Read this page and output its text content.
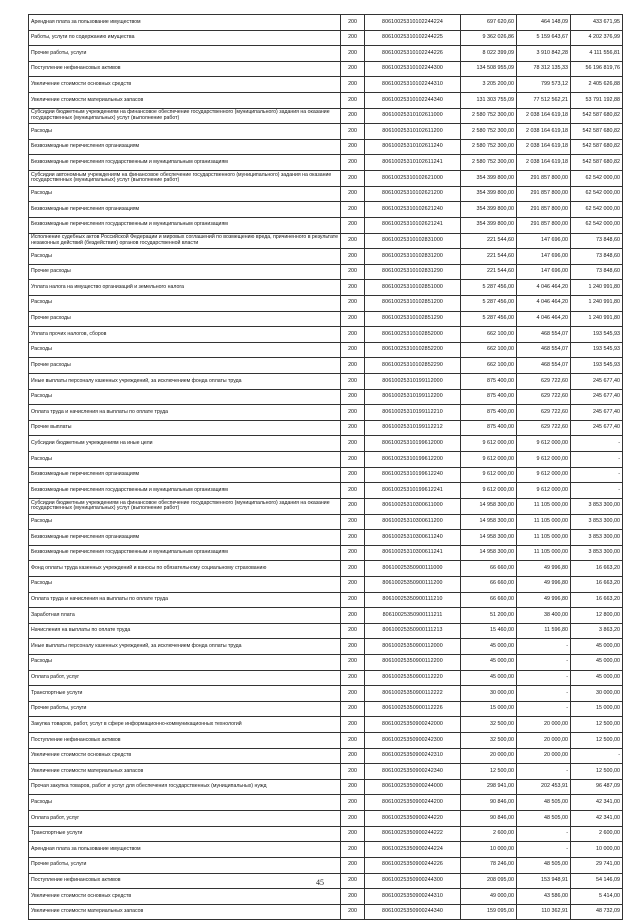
Арендная плата за пользование имуществом	200	80610025310102244224	697 620,60	464 148,09	433 671,95
Работы, услуги по содержанию имущества	200	80610025310102244225	9 362 026,86	5 159 643,67	4 202 376,99
Прочие работы, услуги	200	80610025310102244226	8 022 399,09	3 910 842,28	4 111 556,81
Поступление нефинансовых активов	200	80610025310102244300	134 508 955,09	78 312 135,33	56 196 819,76
Увеличение стоимости основных средств	200	80610025310102244310	3 205 200,00	799 573,12	2 405 626,88
Увеличение стоимости материальных запасов	200	80610025310102244340	131 303 755,09	77 512 562,21	53 791 192,88
Субсидии бюджетным учреждениям на финансовое обеспечение государственного (муниципального) задания на оказание государственных (муниципальных) услуг (выполнение работ)	200	80610025310102611000	2 580 752 300,00	2 038 164 619,18	542 587 680,82
Расходы	200	80610025310102611200	2 580 752 300,00	2 038 164 619,18	542 587 680,82
Безвозмездные перечисления организациям	200	80610025310102611240	2 580 752 300,00	2 038 164 619,18	542 587 680,82
Безвозмездные перечисления государственным и муниципальным организациям	200	80610025310102611241	2 580 752 300,00	2 038 164 619,18	542 587 680,82
Субсидии автономным учреждениям на финансовое обеспечение государственного (муниципального) задания на оказание государственных (муниципальных) услуг (выполнение работ)	200	80610025310102621000	354 399 800,00	291 857 800,00	62 542 000,00
Расходы	200	80610025310102621200	354 399 800,00	291 857 800,00	62 542 000,00
Безвозмездные перечисления организациям	200	80610025310102621240	354 399 800,00	291 857 800,00	62 542 000,00
Безвозмездные перечисления государственным и муниципальным организациям	200	80610025310102621241	354 399 800,00	291 857 800,00	62 542 000,00
Исполнение судебных актов Российской Федерации и мировых соглашений по возмещению вреда, причиненного в результате незаконных действий (бездействия) органов государственной власти	200	80610025310102831000	221 544,60	147 696,00	73 848,60
Расходы	200	80610025310102831200	221 544,60	147 696,00	73 848,60
Прочие расходы	200	80610025310102831290	221 544,60	147 696,00	73 848,60
Уплата налога на имущество организаций и земельного налога	200	80610025310102851000	5 287 456,00	4 046 464,20	1 240 991,80
Расходы	200	80610025310102851200	5 287 456,00	4 046 464,20	1 240 991,80
Прочие расходы	200	80610025310102851290	5 287 456,00	4 046 464,20	1 240 991,80
Уплата прочих налогов, сборов	200	80610025310102852000	662 100,00	468 554,07	193 545,93
Расходы	200	80610025310102852200	662 100,00	468 554,07	193 545,93
Прочие расходы	200	80610025310102852290	662 100,00	468 554,07	193 545,93
Иные выплаты персоналу казенных учреждений, за исключением фонда оплаты труда	200	80610025310199112000	875 400,00	629 722,60	245 677,40
Расходы	200	80610025310199112200	875 400,00	629 722,60	245 677,40
Оплата труда и начисления на выплаты по оплате труда	200	80610025310199112210	875 400,00	629 722,60	245 677,40
Прочие выплаты	200	80610025310199112212	875 400,00	629 722,60	245 677,40
Субсидии бюджетным учреждениям на иные цели	200	80610025310199612000	9 612 000,00	9 612 000,00	-
Расходы	200	80610025310199612200	9 612 000,00	9 612 000,00	-
Безвозмездные перечисления организациям	200	80610025310199612240	9 612 000,00	9 612 000,00	-
Безвозмездные перечисления государственным и муниципальным организациям	200	80610025310199612241	9 612 000,00	9 612 000,00	-
Субсидии бюджетным учреждениям на финансовое обеспечение государственного (муниципального) задания на оказание государственных (муниципальных) услуг (выполнение работ)	200	80610025310300611000	14 958 300,00	11 105 000,00	3 853 300,00
Расходы	200	80610025310300611200	14 958 300,00	11 105 000,00	3 853 300,00
Безвозмездные перечисления организациям	200	80610025310300611240	14 958 300,00	11 105 000,00	3 853 300,00
Безвозмездные перечисления государственным и муниципальным организациям	200	80610025310300611241	14 958 300,00	11 105 000,00	3 853 300,00
Фонд оплаты труда казенных учреждений и взносы по обязательному социальному страхованию	200	80610025350900111000	66 660,00	49 996,80	16 663,20
Расходы	200	80610025350900111200	66 660,00	49 996,80	16 663,20
Оплата труда и начисления на выплаты по оплате труда	200	80610025350900111210	66 660,00	49 996,80	16 663,20
Заработная плата	200	80610025350900111211	51 200,00	38 400,00	12 800,00
Начисления на выплаты по оплате труда	200	80610025350900111213	15 460,00	11 596,80	3 863,20
Иные выплаты персоналу казенных учреждений, за исключением фонда оплаты труда	200	80610025350900112000	45 000,00	-	45 000,00
Расходы	200	80610025350900112200	45 000,00	-	45 000,00
Оплата работ, услуг	200	80610025350900112220	45 000,00	-	45 000,00
Транспортные услуги	200	80610025350900112222	30 000,00	-	30 000,00
Прочие работы, услуги	200	80610025350900112226	15 000,00	-	15 000,00
Закупка товаров, работ, услуг в сфере информационно-коммуникационных технологий	200	80610025350900242000	32 500,00	20 000,00	12 500,00
Поступление нефинансовых активов	200	80610025350900242300	32 500,00	20 000,00	12 500,00
Увеличение стоимости основных средств	200	80610025350900242310	20 000,00	20 000,00	-
Увеличение стоимости материальных запасов	200	80610025350900242340	12 500,00	-	12 500,00
Прочая закупка товаров, работ и услуг для обеспечения государственных (муниципальных) нужд	200	80610025350900244000	298 941,00	202 453,91	96 487,09
Расходы	200	80610025350900244200	90 846,00	48 505,00	42 341,00
Оплата работ, услуг	200	80610025350900244220	90 846,00	48 505,00	42 341,00
Транспортные услуги	200	80610025350900244222	2 600,00	-	2 600,00
Арендная плата за пользование имуществом	200	80610025350900244224	10 000,00	-	10 000,00
Прочие работы, услуги	200	80610025350900244226	78 246,00	48 505,00	29 741,00
Поступление нефинансовых активов	200	80610025350900244300	208 095,00	153 948,91	54 146,09
Увеличение стоимости основных средств	200	80610025350900244310	49 000,00	43 586,00	5 414,00
Увеличение стоимости материальных запасов	200	80610025350900244340	159 095,00	110 362,91	48 732,09
45
